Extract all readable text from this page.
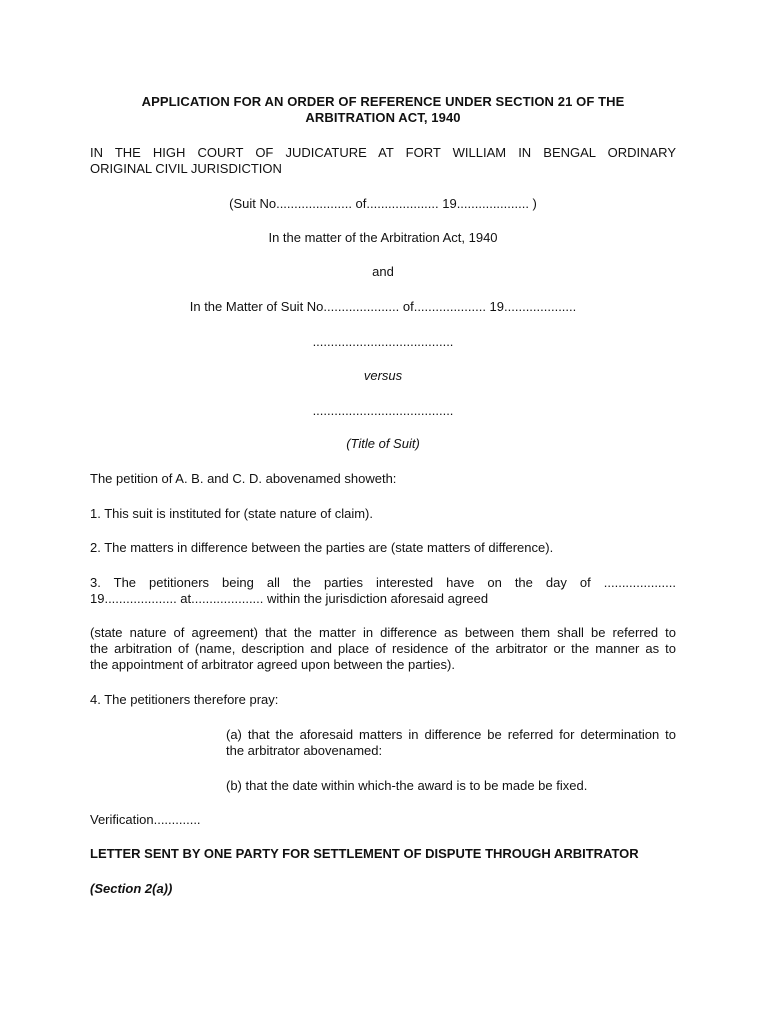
APPLICATION FOR AN ORDER OF REFERENCE UNDER SECTION 21 OF THE
ARBITRATION ACT, 1940
IN THE HIGH COURT OF JUDICATURE AT FORT WILLIAM IN BENGAL ORDINARY
ORIGINAL CIVIL JURISDICTION
(Suit No..................... of.................... 19.................... )
In the matter of the Arbitration Act, 1940
and
In the Matter of Suit No..................... of.................... 19....................
.......................................
versus
.......................................
(Title of Suit)
The petition of A. B. and C. D. abovenamed showeth:
1. This suit is instituted for (state nature of claim).
2. The matters in difference between the parties are (state matters of difference).
3. The petitioners being all the parties interested have on the day of ....................
19.................... at.................... within the jurisdiction aforesaid agreed
(state nature of agreement) that the matter in difference as between them shall be referred to
the arbitration of (name, description and place of residence of the arbitrator or the manner as to
the appointment of arbitrator agreed upon between the parties).
4. The petitioners therefore pray:
(a) that the aforesaid matters in difference be referred for determination to
the arbitrator abovenamed:
(b) that the date within which-the award is to be made be fixed.
Verification.............
LETTER SENT BY ONE PARTY FOR SETTLEMENT OF DISPUTE THROUGH ARBITRATOR
(Section 2(a))
